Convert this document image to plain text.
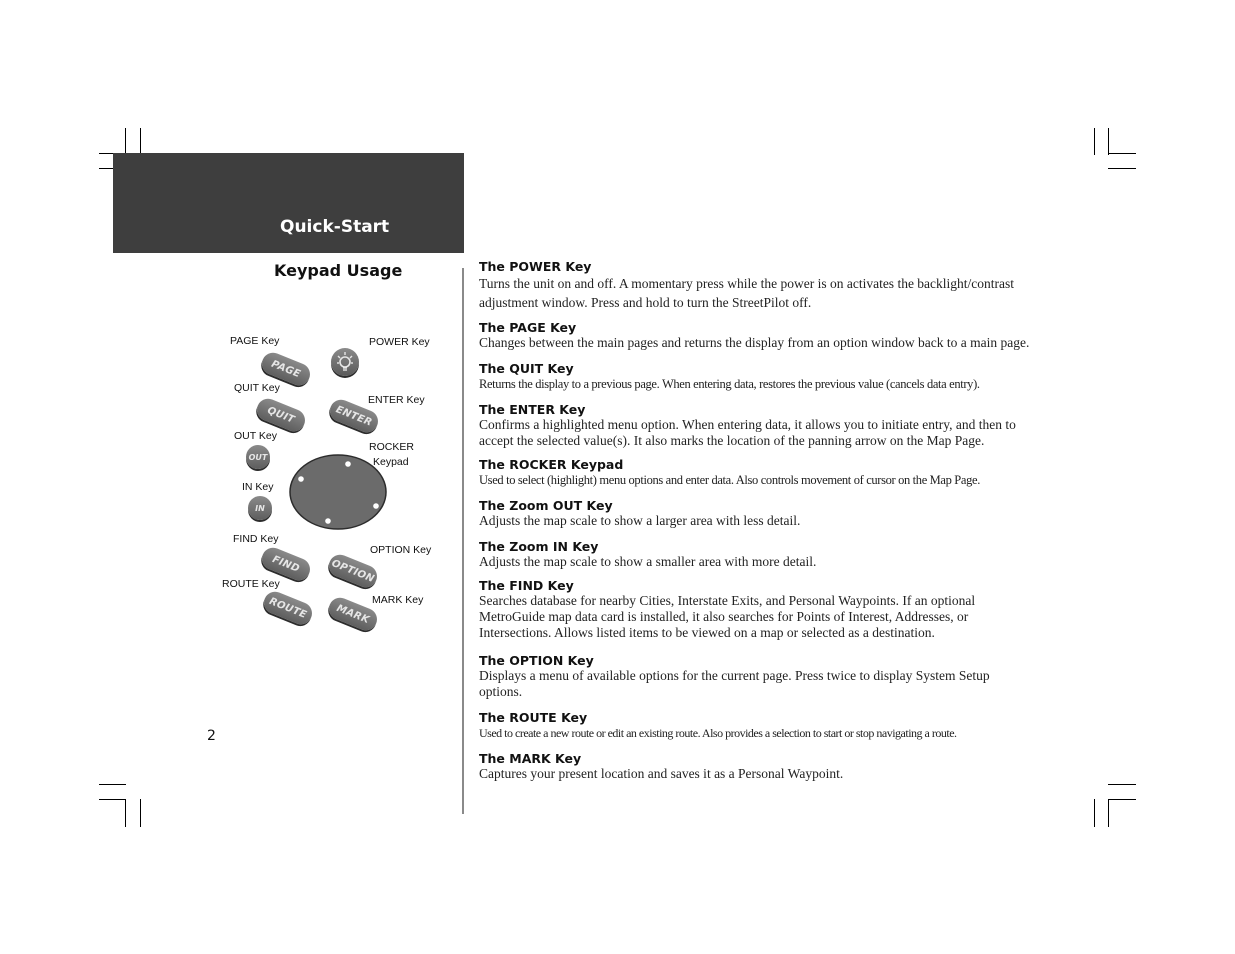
Quick-Start
Keypad Usage
2
PAGE Key	POWER Key
QUIT Key
ENTER Key
OUT Key
ROCKER
Keypad
IN Key
FIND Key
OPTION Key
ROUTE Key
MARK Key
PAGE
QUIT	ENTER
OUT
IN
FIND	OPTION
ROUTE	MARK
The POWER Key

Turns the unit on and off. A momentary press while the power is on activates the backlight/contrast adjustment window. Press and hold to turn the StreetPilot off.

The PAGE Key

Changes between the main pages and returns the display from an option window back to a main page.

The QUIT Key

Returns the display to a previous page. When entering data, restores the previous value (cancels data entry).

The ENTER Key

Confirms a highlighted menu option. When entering data, it allows you to initiate entry, and then to accept the selected value(s). It also marks the location of the panning arrow on the Map Page.

The ROCKER Keypad

Used to select (highlight) menu options and enter data. Also controls movement of cursor on the Map Page.

The Zoom OUT Key

Adjusts the map scale to show a larger area with less detail.

The Zoom IN Key

Adjusts the map scale to show a smaller area with more detail.

The FIND Key

Searches database for nearby Cities, Interstate Exits, and Personal Waypoints. If an optional MetroGuide map data card is installed, it also searches for Points of Interest, Addresses, or Intersections. Allows listed items to be viewed on a map or selected as a destination.

The OPTION Key

Displays a menu of available options for the current page. Press twice to display System Setup options.

The ROUTE Key

Used to create a new route or edit an existing route. Also provides a selection to start or stop navigating a route.

The MARK Key

Captures your present location and saves it as a Personal Waypoint.
